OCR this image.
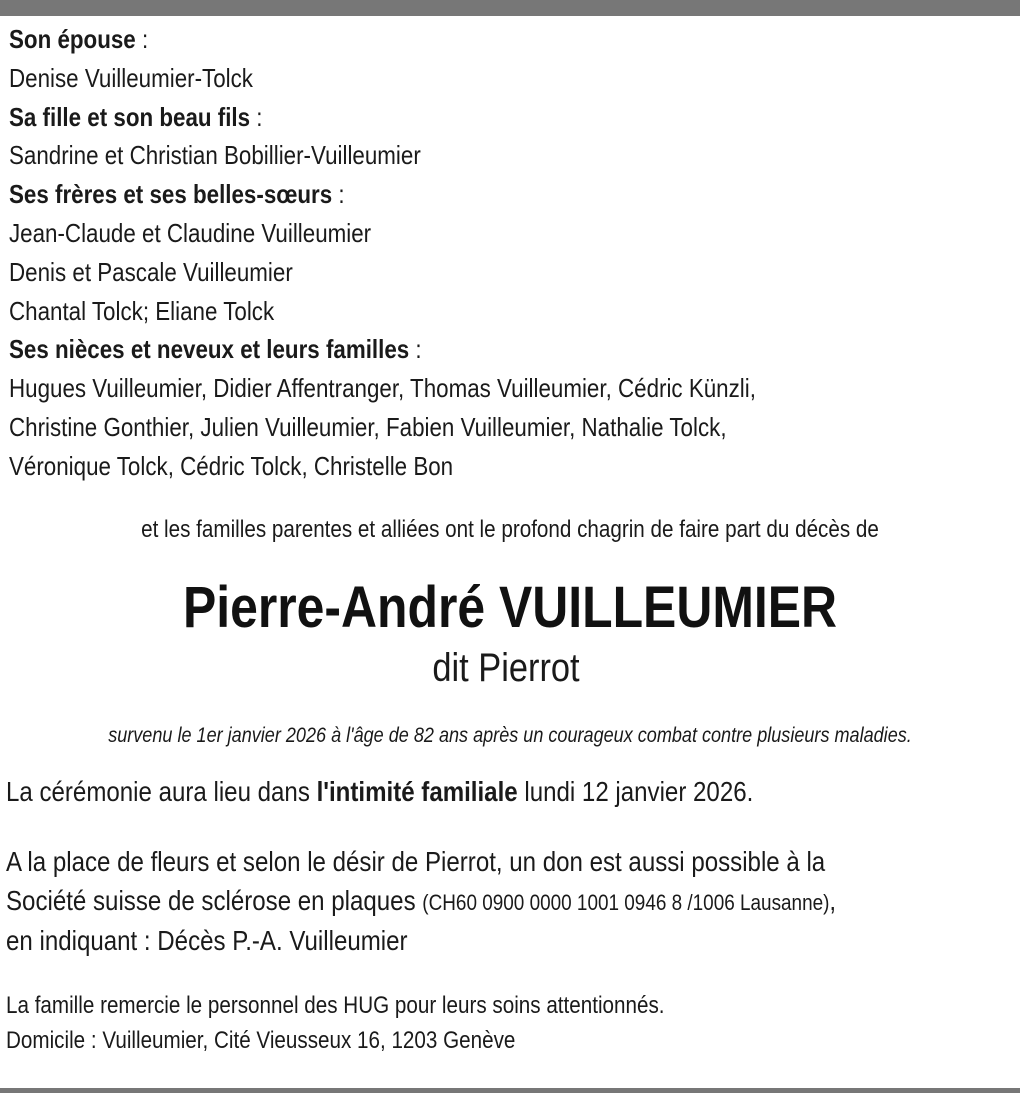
Son épouse :
Denise Vuilleumier-Tolck
Sa fille et son beau fils :
Sandrine et Christian Bobillier-Vuilleumier
Ses frères et ses belles-sœurs :
Jean-Claude et Claudine Vuilleumier
Denis et Pascale Vuilleumier
Chantal Tolck; Eliane Tolck
Ses nièces et neveux et leurs familles :
Hugues Vuilleumier, Didier Affentranger, Thomas Vuilleumier, Cédric Künzli,
Christine Gonthier, Julien Vuilleumier, Fabien Vuilleumier, Nathalie Tolck,
Véronique Tolck, Cédric Tolck, Christelle Bon
et les familles parentes et alliées ont le profond chagrin de faire part du décès de
Pierre-André VUILLEUMIER
dit Pierrot
survenu le 1er janvier 2026 à l'âge de 82 ans après un courageux combat contre plusieurs maladies.
La cérémonie aura lieu dans l'intimité familiale lundi 12 janvier 2026.
A la place de fleurs et selon le désir de Pierrot, un don est aussi possible à la
Société suisse de sclérose en plaques (CH60 0900 0000 1001 0946 8 /1006 Lausanne),
en indiquant : Décès P.-A. Vuilleumier
La famille remercie le personnel des HUG pour leurs soins attentionnés.
Domicile : Vuilleumier, Cité Vieusseux 16, 1203 Genève
